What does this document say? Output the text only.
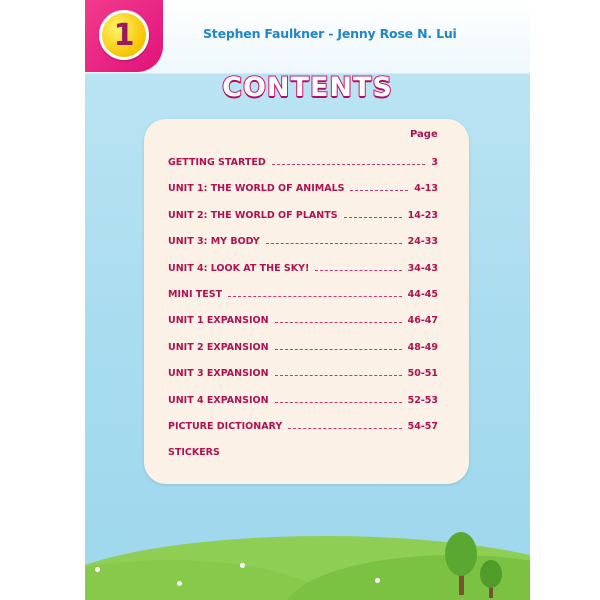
1	Stephen Faulkner - Jenny Rose N. Lui
CONTENTS
Page
GETTING STARTED	3
UNIT 1: THE WORLD OF ANIMALS	4-13
UNIT 2: THE WORLD OF PLANTS	14-23
UNIT 3: MY BODY	24-33
UNIT 4: LOOK AT THE SKY!	34-43
MINI TEST	44-45
UNIT 1 EXPANSION	46-47
UNIT 2 EXPANSION	48-49
UNIT 3 EXPANSION	50-51
UNIT 4 EXPANSION	52-53
PICTURE DICTIONARY	54-57
STICKERS
